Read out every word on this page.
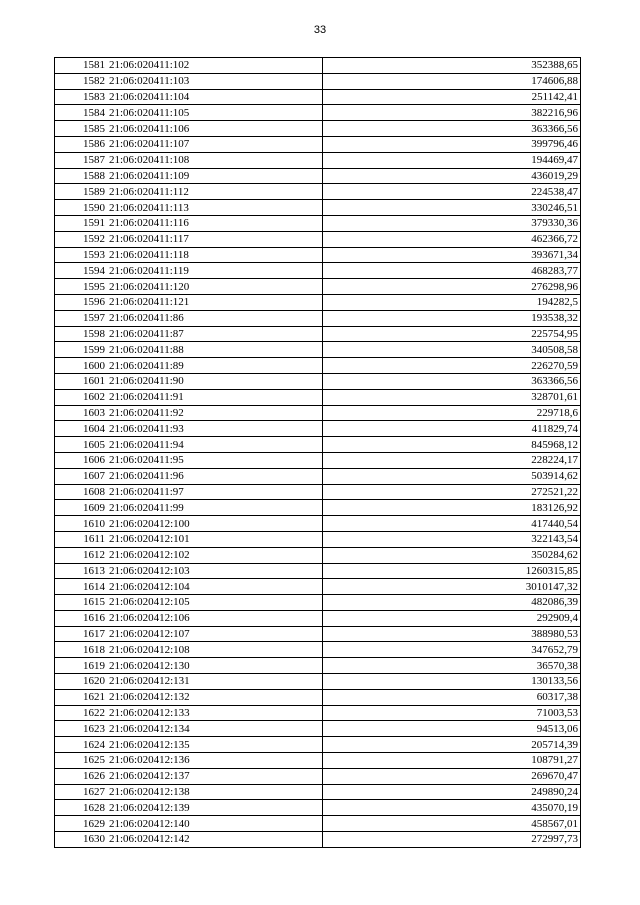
33
1581	21:06:020411:102	352388,65
1582	21:06:020411:103	174606,88
1583	21:06:020411:104	251142,41
1584	21:06:020411:105	382216,96
1585	21:06:020411:106	363366,56
1586	21:06:020411:107	399796,46
1587	21:06:020411:108	194469,47
1588	21:06:020411:109	436019,29
1589	21:06:020411:112	224538,47
1590	21:06:020411:113	330246,51
1591	21:06:020411:116	379330,36
1592	21:06:020411:117	462366,72
1593	21:06:020411:118	393671,34
1594	21:06:020411:119	468283,77
1595	21:06:020411:120	276298,96
1596	21:06:020411:121	194282,5
1597	21:06:020411:86	193538,32
1598	21:06:020411:87	225754,95
1599	21:06:020411:88	340508,58
1600	21:06:020411:89	226270,59
1601	21:06:020411:90	363366,56
1602	21:06:020411:91	328701,61
1603	21:06:020411:92	229718,6
1604	21:06:020411:93	411829,74
1605	21:06:020411:94	845968,12
1606	21:06:020411:95	228224,17
1607	21:06:020411:96	503914,62
1608	21:06:020411:97	272521,22
1609	21:06:020411:99	183126,92
1610	21:06:020412:100	417440,54
1611	21:06:020412:101	322143,54
1612	21:06:020412:102	350284,62
1613	21:06:020412:103	1260315,85
1614	21:06:020412:104	3010147,32
1615	21:06:020412:105	482086,39
1616	21:06:020412:106	292909,4
1617	21:06:020412:107	388980,53
1618	21:06:020412:108	347652,79
1619	21:06:020412:130	36570,38
1620	21:06:020412:131	130133,56
1621	21:06:020412:132	60317,38
1622	21:06:020412:133	71003,53
1623	21:06:020412:134	94513,06
1624	21:06:020412:135	205714,39
1625	21:06:020412:136	108791,27
1626	21:06:020412:137	269670,47
1627	21:06:020412:138	249890,24
1628	21:06:020412:139	435070,19
1629	21:06:020412:140	458567,01
1630	21:06:020412:142	272997,73
